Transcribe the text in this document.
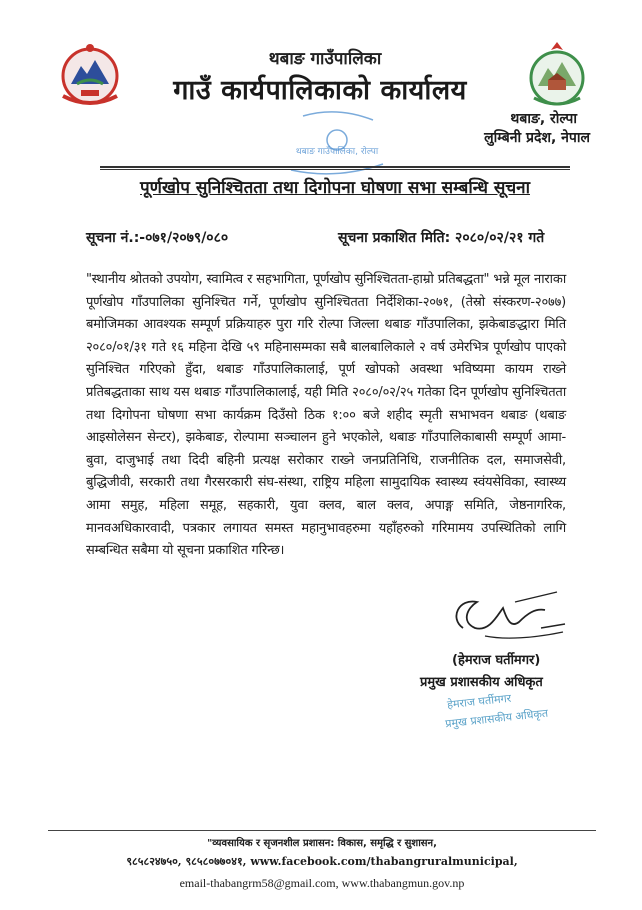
थबाङ गाउँपालिका
गाउँ कार्यपालिकाको कार्यालय
थबाङ, रोल्पा
लुम्बिनी प्रदेश, नेपाल
थबाङ गाउँपालिका, रोल्पा
पूर्णखोप सुनिश्चितता तथा दिगोपना घोषणा सभा सम्बन्धि सूचना
सूचना नं.:-०७१/२०७९/०८०	सूचना प्रकाशित मिति: २०८०/०२/२१ गते
"स्थानीय श्रोतको उपयोग, स्वामित्व र सहभागिता, पूर्णखोप सुनिश्चितता-हाम्रो प्रतिबद्धता" भन्ने मूल नाराका पूर्णखोप गाँउपालिका सुनिश्चित गर्ने, पूर्णखोप सुनिश्चितता निर्देशिका-२०७१, (तेस्रो संस्करण-२०७७) बमोजिमका आवश्यक सम्पूर्ण प्रक्रियाहरु पुरा गरि रोल्पा जिल्ला थबाङ गाँउपालिका, झकेबाङद्धारा मिति २०८०/०१/३१ गते १६ महिना देखि ५९ महिनासम्मका सबै बालबालिकाले २ वर्ष उमेरभित्र पूर्णखोप पाएको सुनिश्चित गरिएको हुँदा, थबाङ गाँउपालिकालाई, पूर्ण खोपको अवस्था भविष्यमा कायम राख्ने प्रतिबद्धताका साथ यस थबाङ गाँउपालिकालाई, यही मिति २०८०/०२/२५ गतेका दिन पूर्णखोप सुनिश्चितता तथा दिगोपना घोषणा सभा कार्यक्रम दिउँसो ठिक १:०० बजे शहीद स्मृती सभाभवन थबाङ (थबाङ आइसोलेसन सेन्टर), झकेबाङ, रोल्पामा सञ्चालन हुने भएकोले, थबाङ गाँउपालिकाबासी सम्पूर्ण आमा-बुवा, दाजुभाई तथा दिदी बहिनी प्रत्यक्ष सरोकार राख्ने जनप्रतिनिधि, राजनीतिक दल, समाजसेवी, बुद्धिजीवी, सरकारी तथा गैरसरकारी संघ-संस्था, राष्ट्रिय महिला सामुदायिक स्वास्थ्य स्वंयसेविका, स्वास्थ्य आमा समुह, महिला समूह, सहकारी, युवा क्लव, बाल क्लव, अपाङ्ग समिति, जेष्ठनागरिक, मानवअधिकारवादी, पत्रकार लगायत समस्त महानुभावहरुमा यहाँहरुको गरिमामय उपस्थितिको लागि सम्बन्धित सबैमा यो सूचना प्रकाशित गरिन्छ।
(हेमराज घर्तीमगर)
प्रमुख प्रशासकीय अधिकृत
हेमराज घर्तीमगर
प्रमुख प्रशासकीय अधिकृत
"व्यवसायिक र सृजनशील प्रशासन: विकास, समृद्धि र सुशासन,
९८५८२४७५०, ९८५८०७७०४१, www.facebook.com/thabangruralmunicipal,
email-thabangrm58@gmail.com, www.thabangmun.gov.np
